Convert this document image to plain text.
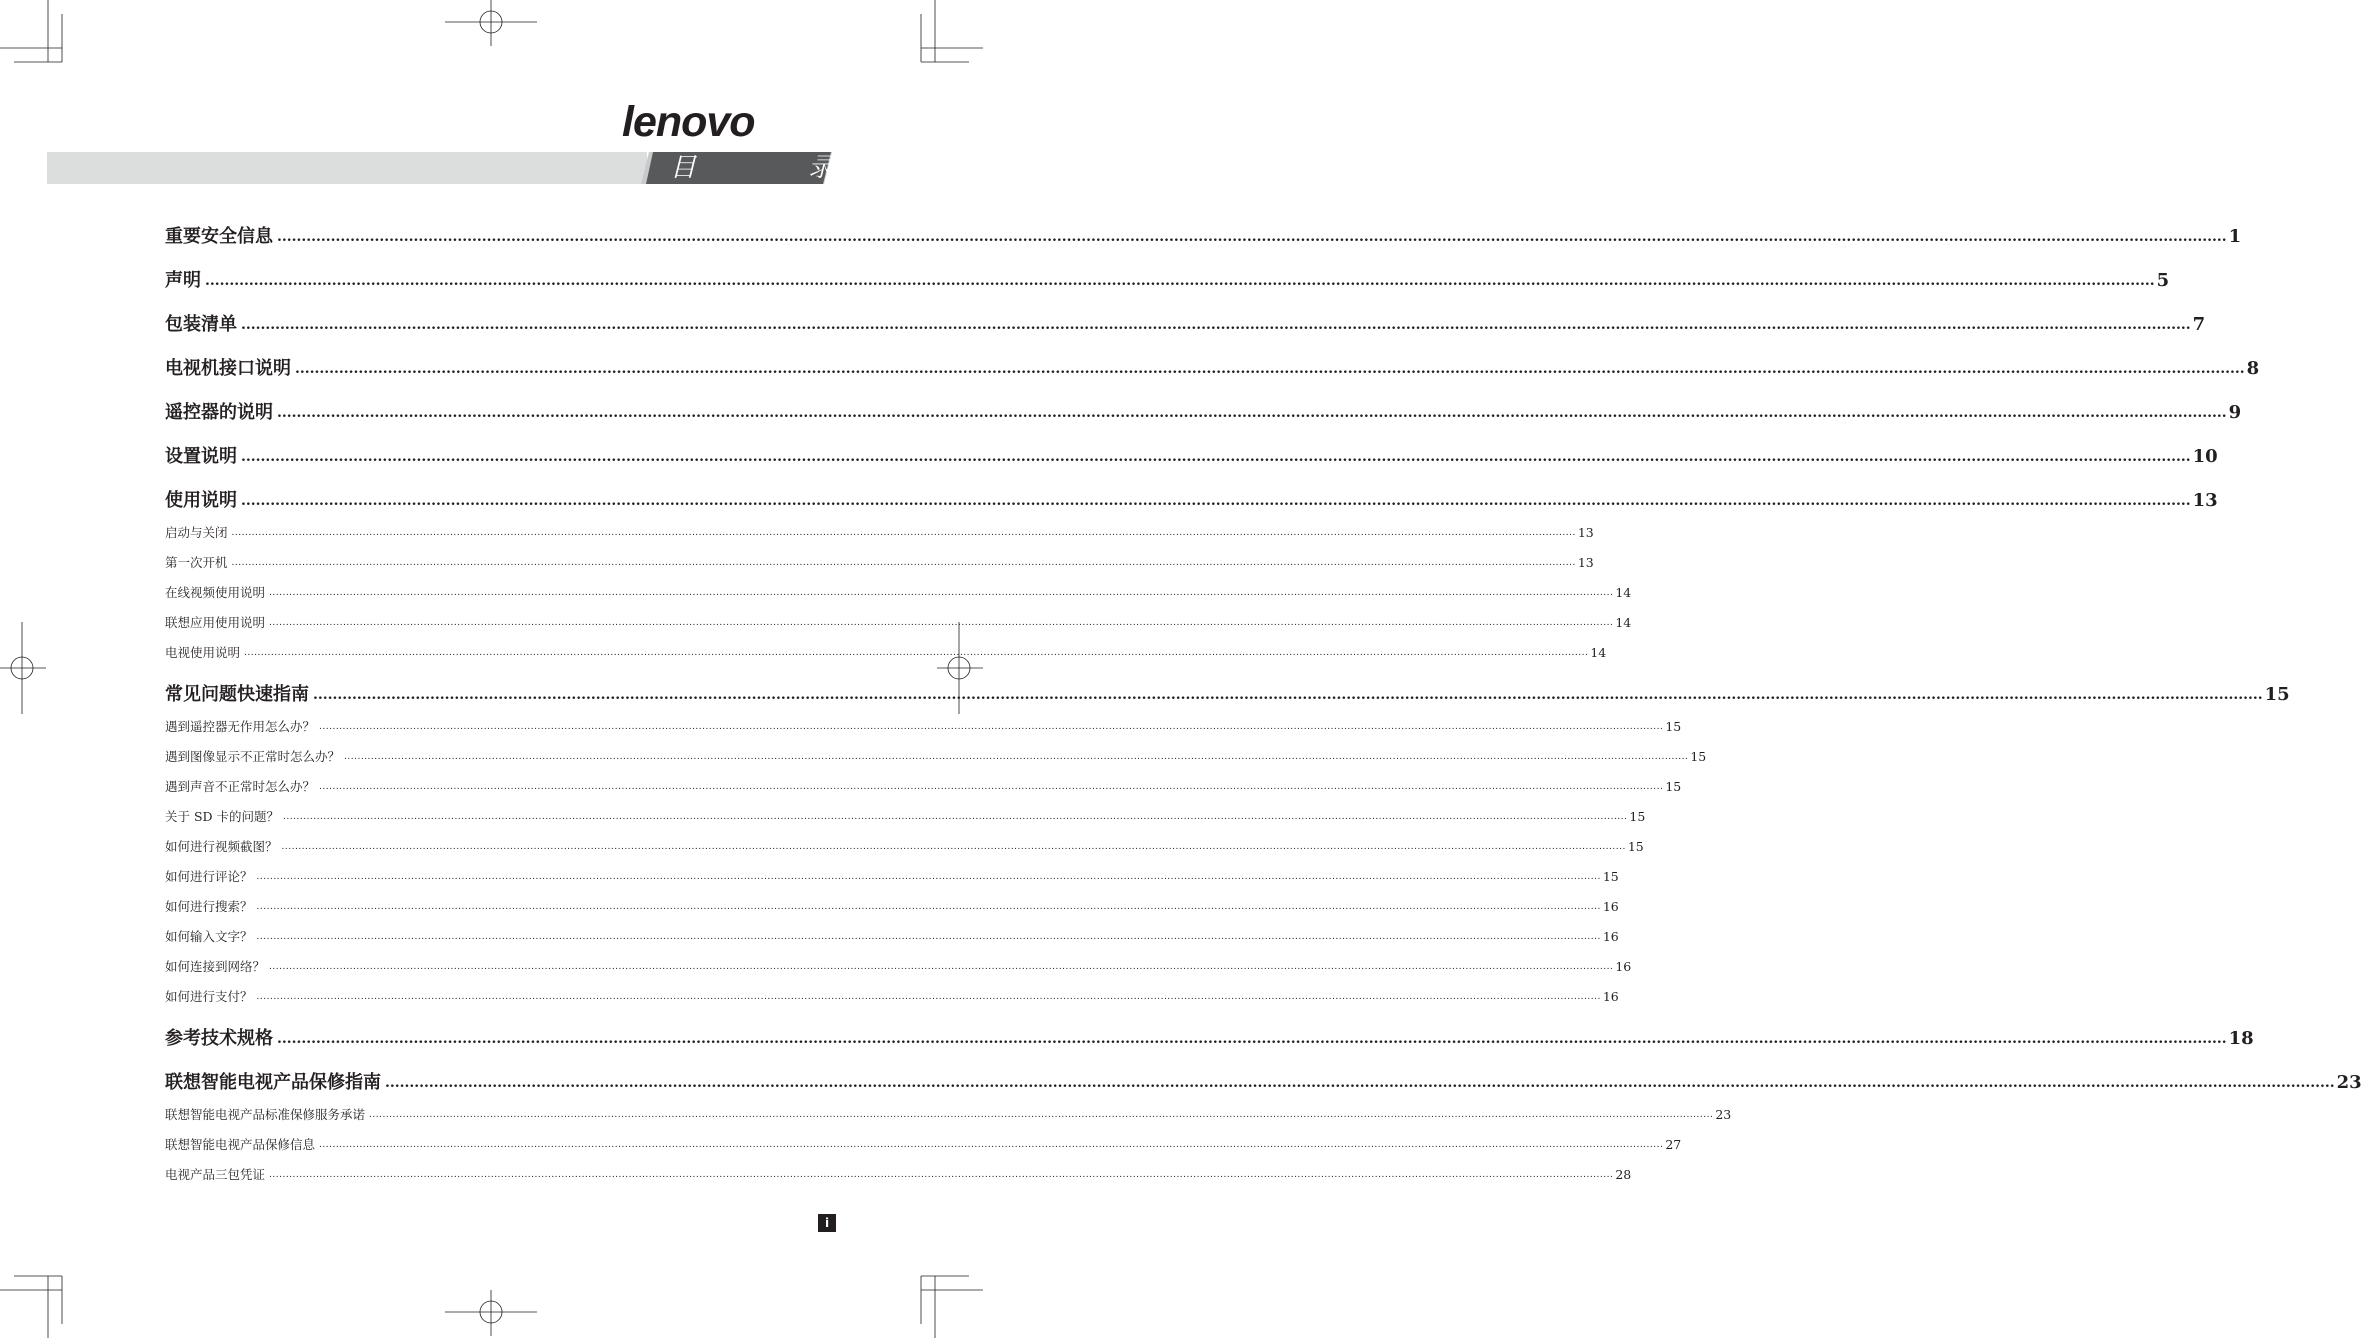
lenovo
目 录
重要安全信息 ................................................................................................................................................................................................................................................................................................................................................................................................................ 1
声明 ................................................................................................................................................................................................................................................................................................................................................................................................................ 5
包装清单 ................................................................................................................................................................................................................................................................................................................................................................................................................ 7
电视机接口说明 ................................................................................................................................................................................................................................................................................................................................................................................................................ 8
遥控器的说明 ................................................................................................................................................................................................................................................................................................................................................................................................................ 9
设置说明 ................................................................................................................................................................................................................................................................................................................................................................................................................ 10
使用说明 ................................................................................................................................................................................................................................................................................................................................................................................................................ 13
启动与关闭 ................................................................................................................................................................................................................................................................................................................................................................................................................ 13
第一次开机 ................................................................................................................................................................................................................................................................................................................................................................................................................ 13
在线视频使用说明 ................................................................................................................................................................................................................................................................................................................................................................................................................ 14
联想应用使用说明 ................................................................................................................................................................................................................................................................................................................................................................................................................ 14
电视使用说明 ................................................................................................................................................................................................................................................................................................................................................................................................................ 14
常见问题快速指南 ................................................................................................................................................................................................................................................................................................................................................................................................................ 15
遇到遥控器无作用怎么办？ ................................................................................................................................................................................................................................................................................................................................................................................................................ 15
遇到图像显示不正常时怎么办？ ................................................................................................................................................................................................................................................................................................................................................................................................................ 15
遇到声音不正常时怎么办？ ................................................................................................................................................................................................................................................................................................................................................................................................................ 15
关于 SD 卡的问题？ ................................................................................................................................................................................................................................................................................................................................................................................................................ 15
如何进行视频截图？ ................................................................................................................................................................................................................................................................................................................................................................................................................ 15
如何进行评论？ ................................................................................................................................................................................................................................................................................................................................................................................................................ 15
如何进行搜索？ ................................................................................................................................................................................................................................................................................................................................................................................................................ 16
如何输入文字？ ................................................................................................................................................................................................................................................................................................................................................................................................................ 16
如何连接到网络？ ................................................................................................................................................................................................................................................................................................................................................................................................................ 16
如何进行支付？ ................................................................................................................................................................................................................................................................................................................................................................................................................ 16
参考技术规格 ................................................................................................................................................................................................................................................................................................................................................................................................................ 18
联想智能电视产品保修指南 ................................................................................................................................................................................................................................................................................................................................................................................................................ 23
联想智能电视产品标准保修服务承诺 ................................................................................................................................................................................................................................................................................................................................................................................................................ 23
联想智能电视产品保修信息 ................................................................................................................................................................................................................................................................................................................................................................................................................ 27
电视产品三包凭证 ................................................................................................................................................................................................................................................................................................................................................................................................................ 28
i
